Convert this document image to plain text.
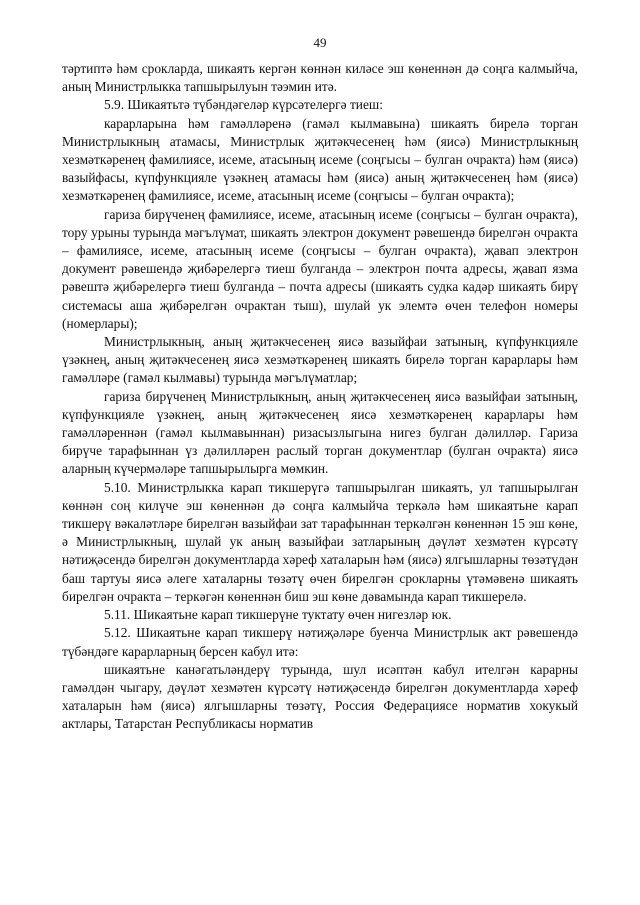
49

тәртиптә һәм срокларда, шикаять кергән көннән киләсе эш көненнән дә соңга калмыйча, аның Министрлыкка тапшырылуын тәэмин итә.

5.9. Шикаятьтә түбәндәгеләр күрсәтелергә тиеш:

карарларына һәм гамәлләренә (гамәл кылмавына) шикаять бирелә торган Министрлыкның атамасы, Министрлык җитәкчесенең һәм (яисә) Министрлыкның хезмәткәренең фамилиясе, исеме, атасының исеме (соңгысы – булган очракта) һәм (яисә) вазыйфасы, күпфункцияле үзәкнең атамасы һәм (яисә) аның җитәкчесенең һәм (яисә) хезмәткәренең фамилиясе, исеме, атасының исеме (соңгысы – булган очракта);

гариза бирүченең фамилиясе, исеме, атасының исеме (соңгысы – булган очракта), тору урыны турында мәгълүмат, шикаять электрон документ рәвешендә бирелгән очракта – фамилиясе, исеме, атасының исеме (соңгысы – булган очракта), җавап электрон документ рәвешендә җибәрелергә тиеш булганда – электрон почта адресы, җавап язма рәвештә җибәрелергә тиеш булганда – почта адресы (шикаять судка кадәр шикаять бирү системасы аша җибәрелгән очрактан тыш), шулай ук элемтә өчен телефон номеры (номерлары);

Министрлыкның, аның җитәкчесенең яисә вазыйфаи затының, күпфункцияле үзәкнең, аның җитәкчесенең яисә хезмәткәренең шикаять бирелә торган карарлары һәм гамәлләре (гамәл кылмавы) турында мәгълүматлар;

гариза бирүченең Министрлыкның, аның җитәкчесенең яисә вазыйфаи затының, күпфункцияле үзәкнең, аның җитәкчесенең яисә хезмәткәренең карарлары һәм гамәлләреннән (гамәл кылмавыннан) ризасызлыгына нигез булган дәлилләр. Гариза бирүче тарафыннан үз дәлилләрен раслый торган документлар (булган очракта) яисә аларның күчермәләре тапшырылырга мөмкин.

5.10. Министрлыкка карап тикшерүгә тапшырылган шикаять, ул тапшырылган көннән соң килүче эш көненнән дә соңга калмыйча теркәлә һәм шикаятьне карап тикшерү вәкаләтләре бирелгән вазыйфаи зат тарафыннан теркәлгән көненнән 15 эш көне, ә Министрлыкның, шулай ук аның вазыйфаи затларының дәүләт хезмәтен күрсәтү нәтиҗәсендә бирелгән документларда хәреф хаталарын һәм (яисә) ялгышларны төзәтүдән баш тартуы яисә әлеге хаталарны төзәтү өчен бирелгән срокларны үтәмәвенә шикаять бирелгән очракта – теркәгән көненнән биш эш көне дәвамында карап тикшерелә.

5.11. Шикаятьне карап тикшерүне туктату өчен нигезләр юк.

5.12. Шикаятьне карап тикшерү нәтиҗәләре буенча Министрлык акт рәвешендә түбәндәге карарларның берсен кабул итә:

шикаятьне канәгатьләндерү турында, шул исәптән кабул ителгән карарны гамәлдән чыгару, дәүләт хезмәтен күрсәтү нәтиҗәсендә бирелгән документларда хәреф хаталарын һәм (яисә) ялгышларны төзәтү, Россия Федерациясе норматив хокукый актлары, Татарстан Республикасы норматив
